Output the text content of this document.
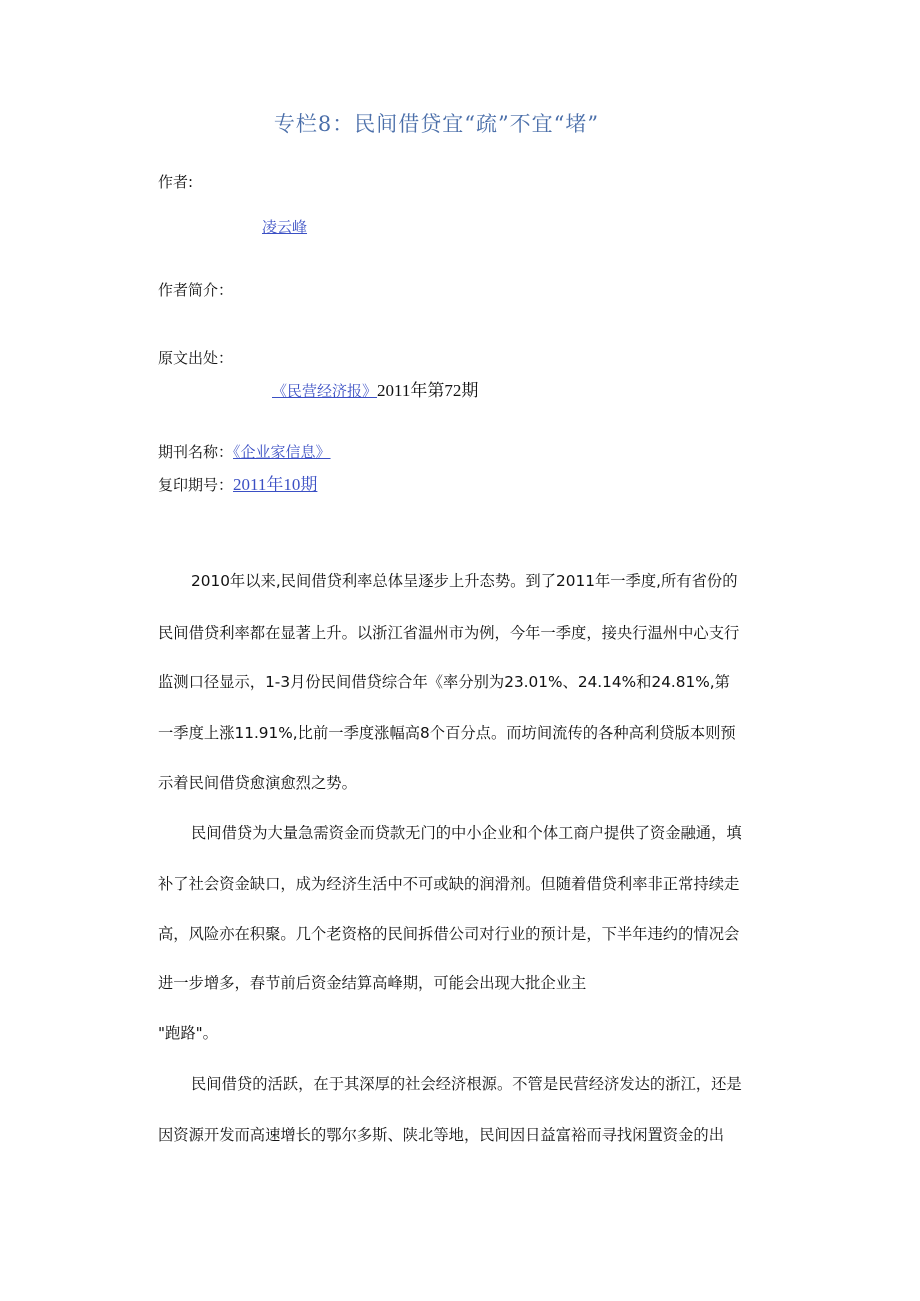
专栏8：民间借贷宜“疏”不宜“堵”
作者:
凌云峰
作者简介：
原文出处：
《民营经济报》2011年第72期
期刊名称：《企业家信息》
复印期号：2011年10期
2010年以来,民间借贷利率总体呈逐步上升态势。到了2011年一季度,所有省份的
民间借贷利率都在显著上升。以浙江省温州市为例，今年一季度，接央行温州中心支行
监测口径显示，1-3月份民间借贷综合年《率分别为23.01%、24.14%和24.81%,第
一季度上涨11.91%,比前一季度涨幅高8个百分点。而坊间流传的各种高利贷版本则预
示着民间借贷愈演愈烈之势。
民间借贷为大量急需资金而贷款无门的中小企业和个体工商户提供了资金融通，填
补了社会资金缺口，成为经济生活中不可或缺的润滑剂。但随着借贷利率非正常持续走
高，风险亦在积聚。几个老资格的民间拆借公司对行业的预计是，下半年违约的情况会
进一步增多，春节前后资金结算高峰期，可能会出现大批企业主
"跑路"。
民间借贷的活跃，在于其深厚的社会经济根源。不管是民营经济发达的浙江，还是
因资源开发而高速增长的鄂尔多斯、陕北等地，民间因日益富裕而寻找闲置资金的出
